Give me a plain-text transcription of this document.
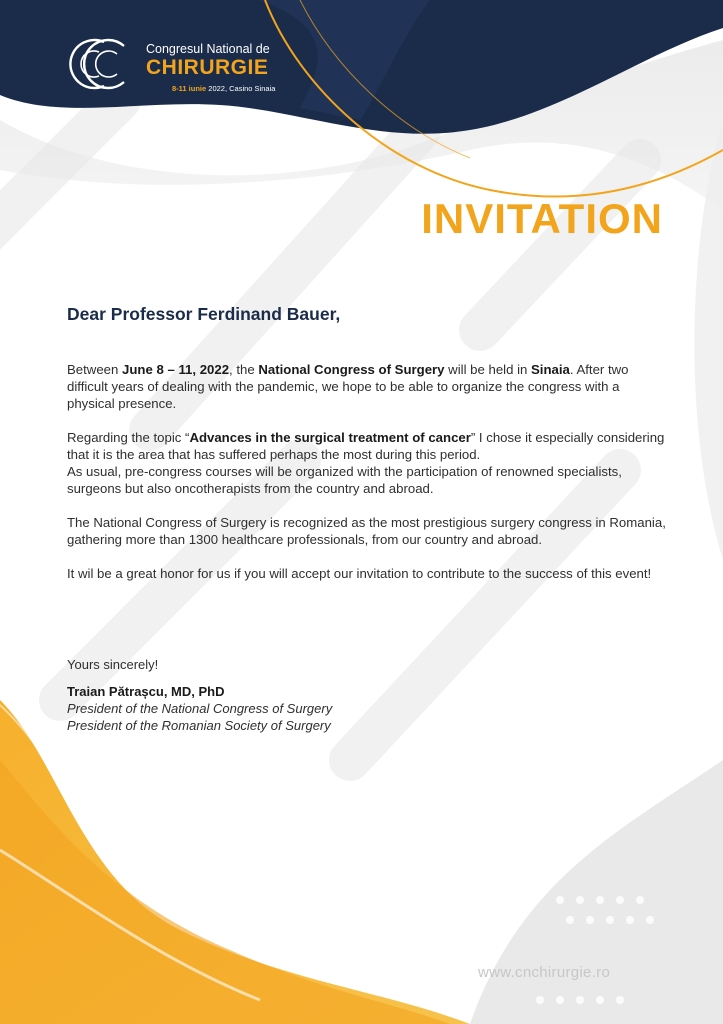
Congresul National de
CHIRURGIE
8-11 iunie 2022, Casino Sinaia
INVITATION
Dear Professor Ferdinand Bauer,

Between June 8 – 11, 2022, the National Congress of Surgery will be held in Sinaia. After two difficult years of dealing with the pandemic, we hope to be able to organize the congress with a physical presence.

Regarding the topic “Advances in the surgical treatment of cancer” I chose it especially considering that it is the area that has suffered perhaps the most during this period.
As usual, pre-congress courses will be organized with the participation of renowned specialists, surgeons but also oncotherapists from the country and abroad.

The National Congress of Surgery is recognized as the most prestigious surgery congress in Romania, gathering more than 1300 healthcare professionals, from our country and abroad.

It wil be a great honor for us if you will accept our invitation to contribute to the success of this event!

Yours sincerely!
Traian Pătrașcu, MD, PhD
President of the National Congress of Surgery
President of the Romanian Society of Surgery
www.cnchirurgie.ro
